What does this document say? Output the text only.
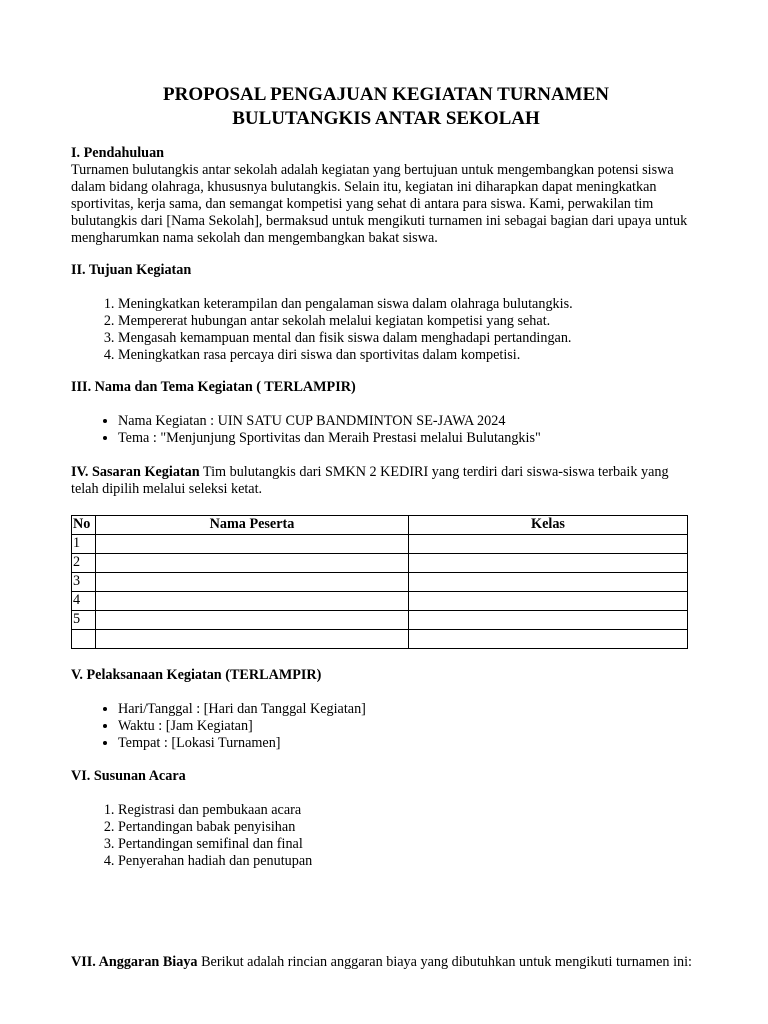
PROPOSAL PENGAJUAN KEGIATAN TURNAMEN
BULUTANGKIS ANTAR SEKOLAH
I. Pendahuluan

Turnamen bulutangkis antar sekolah adalah kegiatan yang bertujuan untuk mengembangkan potensi siswa dalam bidang olahraga, khususnya bulutangkis. Selain itu, kegiatan ini diharapkan dapat meningkatkan sportivitas, kerja sama, dan semangat kompetisi yang sehat di antara para siswa. Kami, perwakilan tim bulutangkis dari [Nama Sekolah], bermaksud untuk mengikuti turnamen ini sebagai bagian dari upaya untuk mengharumkan nama sekolah dan mengembangkan bakat siswa.

II. Tujuan Kegiatan
1. Meningkatkan keterampilan dan pengalaman siswa dalam olahraga bulutangkis.
2. Mempererat hubungan antar sekolah melalui kegiatan kompetisi yang sehat.
3. Mengasah kemampuan mental dan fisik siswa dalam menghadapi pertandingan.
4. Meningkatkan rasa percaya diri siswa dan sportivitas dalam kompetisi.
III. Nama dan Tema Kegiatan ( TERLAMPIR)
• Nama Kegiatan : UIN SATU CUP BANDMINTON SE-JAWA 2024
• Tema : "Menjunjung Sportivitas dan Meraih Prestasi melalui Bulutangkis"

IV. Sasaran Kegiatan Tim bulutangkis dari SMKN 2 KEDIRI yang terdiri dari siswa-siswa terbaik yang telah dipilih melalui seleksi ketat.

No	Nama Peserta	Kelas
1		
2		
3		
4		
5		

V. Pelaksanaan Kegiatan (TERLAMPIR)
• Hari/Tanggal : [Hari dan Tanggal Kegiatan]
• Waktu : [Jam Kegiatan]
• Tempat : [Lokasi Turnamen]
VI. Susunan Acara
1. Registrasi dan pembukaan acara
2. Pertandingan babak penyisihan
3. Pertandingan semifinal dan final
4. Penyerahan hadiah dan penutupan

VII. Anggaran Biaya Berikut adalah rincian anggaran biaya yang dibutuhkan untuk mengikuti turnamen ini:
